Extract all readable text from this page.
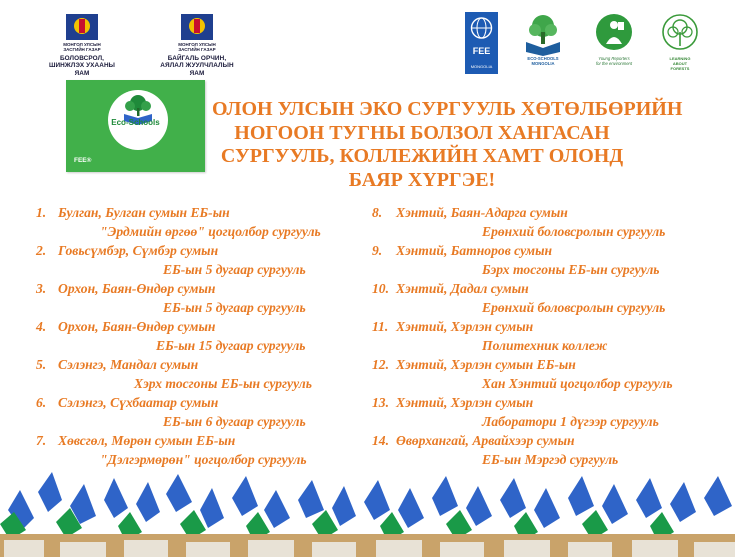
МОНГОЛ УЛСЫН
ЗАСГИЙН ГАЗАР
БОЛОВСРОЛ,
ШИНЖЛЭХ УХААНЫ
ЯАМ
МОНГОЛ УЛСЫН
ЗАСГИЙН ГАЗАР
БАЙГАЛЬ ОРЧИН,
АЯЛАЛ ЖУУЛЧЛАЛЫН
ЯАМ
FEE
MONGOLIA
ECO-SCHOOLS MONGOLIA
Young Reporters
for the environment
LEARNING
ABOUT
FORESTS
Eco-Schools
FEE®
ОЛОН УЛСЫН ЭКО СУРГУУЛЬ ХӨТӨЛБӨРИЙН
НОГООН ТУГНЫ БОЛЗОЛ ХАНГАСАН
СУРГУУЛЬ, КОЛЛЕЖИЙН ХАМТ ОЛОНД
БАЯР ХҮРГЭЕ!
1. Булган, Булган сумын ЕБ-ын
"Эрдмийн өргөө" цогцолбор сургууль
2. Говьсүмбэр, Сүмбэр сумын
ЕБ-ын 5 дугаар сургууль
3. Орхон, Баян-Өндөр сумын
ЕБ-ын 5 дугаар сургууль
4. Орхон, Баян-Өндөр сумын
ЕБ-ын 15 дугаар сургууль
5. Сэлэнгэ, Мандал сумын
Хэрх тосгоны ЕБ-ын сургууль
6. Сэлэнгэ, Сүхбаатар сумын
ЕБ-ын 6 дугаар сургууль
7. Хөвсгөл, Мөрөн сумын ЕБ-ын
"Дэлгэрмөрөн" цогцолбор сургууль
8. Хэнтий, Баян-Адарга сумын
Ерөнхий боловсролын сургууль
9. Хэнтий, Батноров сумын
Бэрх тосгоны ЕБ-ын сургууль
10. Хэнтий, Дадал сумын
Ерөнхий боловсролын сургууль
11. Хэнтий, Хэрлэн сумын
Политехник коллеж
12. Хэнтий, Хэрлэн сумын ЕБ-ын
Хан Хэнтий цогцолбор сургууль
13. Хэнтий, Хэрлэн сумын
Лаборатори 1 дүгээр сургууль
14. Өвөрхангай, Арвайхээр сумын
ЕБ-ын Мэргэд сургууль
